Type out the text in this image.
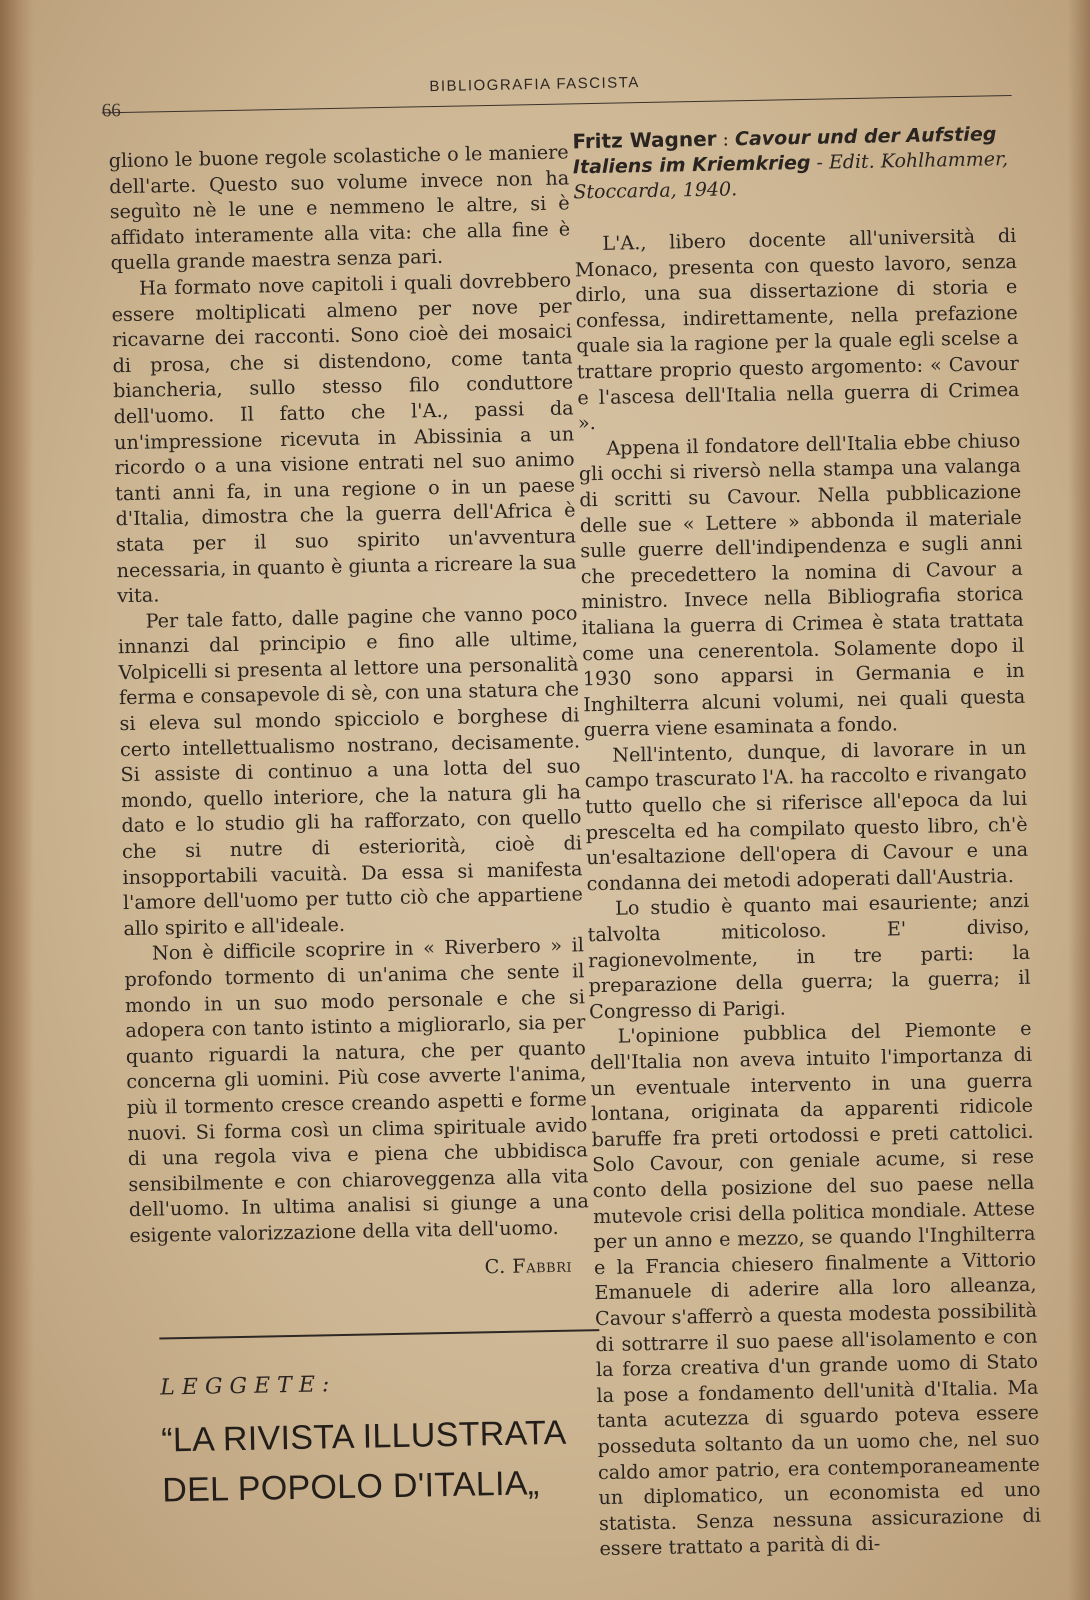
66
BIBLIOGRAFIA FASCISTA

gliono le buone regole scolastiche o le maniere dell'arte. Questo suo volume invece non ha seguìto nè le une e nemmeno le altre, si è affidato interamente alla vita: che alla fine è quella grande maestra senza pari.

Ha formato nove capitoli i quali dovrebbero essere moltiplicati almeno per nove per ricavarne dei racconti. Sono cioè dei mosaici di prosa, che si distendono, come tanta biancheria, sullo stesso filo conduttore dell'uomo. Il fatto che l'A., passi da un'impressione ricevuta in Abissinia a un ricordo o a una visione entrati nel suo animo tanti anni fa, in una regione o in un paese d'Italia, dimostra che la guerra dell'Africa è stata per il suo spirito un'avventura necessaria, in quanto è giunta a ricreare la sua vita.

Per tale fatto, dalle pagine che vanno poco innanzi dal principio e fino alle ultime, Volpicelli si presenta al lettore una personalità ferma e consapevole di sè, con una statura che si eleva sul mondo spicciolo e borghese di certo intellettualismo nostrano, decisamente. Si assiste di continuo a una lotta del suo mondo, quello interiore, che la natura gli ha dato e lo studio gli ha rafforzato, con quello che si nutre di esteriorità, cioè di insopportabili vacuità. Da essa si manifesta l'amore dell'uomo per tutto ciò che appartiene allo spirito e all'ideale.

Non è difficile scoprire in « Riverbero » il profondo tormento di un'anima che sente il mondo in un suo modo personale e che si adopera con tanto istinto a migliorarlo, sia per quanto riguardi la natura, che per quanto concerna gli uomini. Più cose avverte l'anima, più il tormento cresce creando aspetti e forme nuovi. Si forma così un clima spirituale avido di una regola viva e piena che ubbidisca sensibilmente e con chiaroveggenza alla vita dell'uomo. In ultima analisi si giunge a una esigente valorizzazione della vita dell'uomo.

C. Fabbri
LEGGETE:
“LA RIVISTA ILLUSTRATA
DEL POPOLO D'ITALIA„
Fritz Wagner : Cavour und der Aufstieg Italiens im Kriemkrieg - Edit. Kohlhammer, Stoccarda, 1940.

L'A., libero docente all'università di Monaco, presenta con questo lavoro, senza dirlo, una sua dissertazione di storia e confessa, indirettamente, nella prefazione quale sia la ragione per la quale egli scelse a trattare proprio questo argomento: « Cavour e l'ascesa dell'Italia nella guerra di Crimea ».

Appena il fondatore dell'Italia ebbe chiuso gli occhi si riversò nella stampa una valanga di scritti su Cavour. Nella pubblicazione delle sue « Lettere » abbonda il materiale sulle guerre dell'indipendenza e sugli anni che precedettero la nomina di Cavour a ministro. Invece nella Bibliografia storica italiana la guerra di Crimea è stata trattata come una cenerentola. Solamente dopo il 1930 sono apparsi in Germania e in Inghilterra alcuni volumi, nei quali questa guerra viene esaminata a fondo.

Nell'intento, dunque, di lavorare in un campo trascurato l'A. ha raccolto e rivangato tutto quello che si riferisce all'epoca da lui prescelta ed ha compilato questo libro, ch'è un'esaltazione dell'opera di Cavour e una condanna dei metodi adoperati dall'Austria.

Lo studio è quanto mai esauriente; anzi talvolta miticoloso. E' diviso, ragionevolmente, in tre parti: la preparazione della guerra; la guerra; il Congresso di Parigi.

L'opinione pubblica del Piemonte e dell'Italia non aveva intuito l'importanza di un eventuale intervento in una guerra lontana, originata da apparenti ridicole baruffe fra preti ortodossi e preti cattolici. Solo Cavour, con geniale acume, si rese conto della posizione del suo paese nella mutevole crisi della politica mondiale. Attese per un anno e mezzo, se quando l'Inghilterra e la Francia chiesero finalmente a Vittorio Emanuele di aderire alla loro alleanza, Cavour s'afferrò a questa modesta possibilità di sottrarre il suo paese all'isolamento e con la forza creativa d'un grande uomo di Stato la pose a fondamento dell'unità d'Italia. Ma tanta acutezza di sguardo poteva essere posseduta soltanto da un uomo che, nel suo caldo amor patrio, era contemporaneamente un diplomatico, un economista ed uno statista. Senza nessuna assicurazione di essere trattato a parità di di-
